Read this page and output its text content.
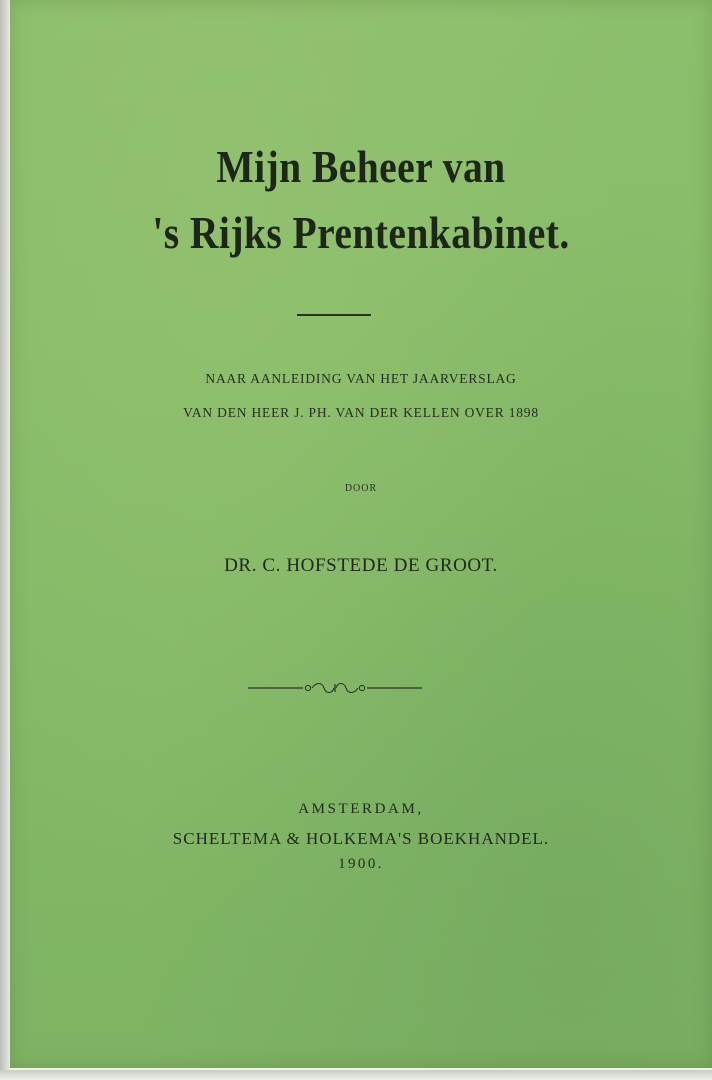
Mijn Beheer van
's Rijks Prentenkabinet.
NAAR AANLEIDING VAN HET JAARVERSLAG
VAN DEN HEER J. PH. VAN DER KELLEN OVER 1898
DOOR
DR. C. HOFSTEDE DE GROOT.
AMSTERDAM,
SCHELTEMA & HOLKEMA'S BOEKHANDEL.
1900.
